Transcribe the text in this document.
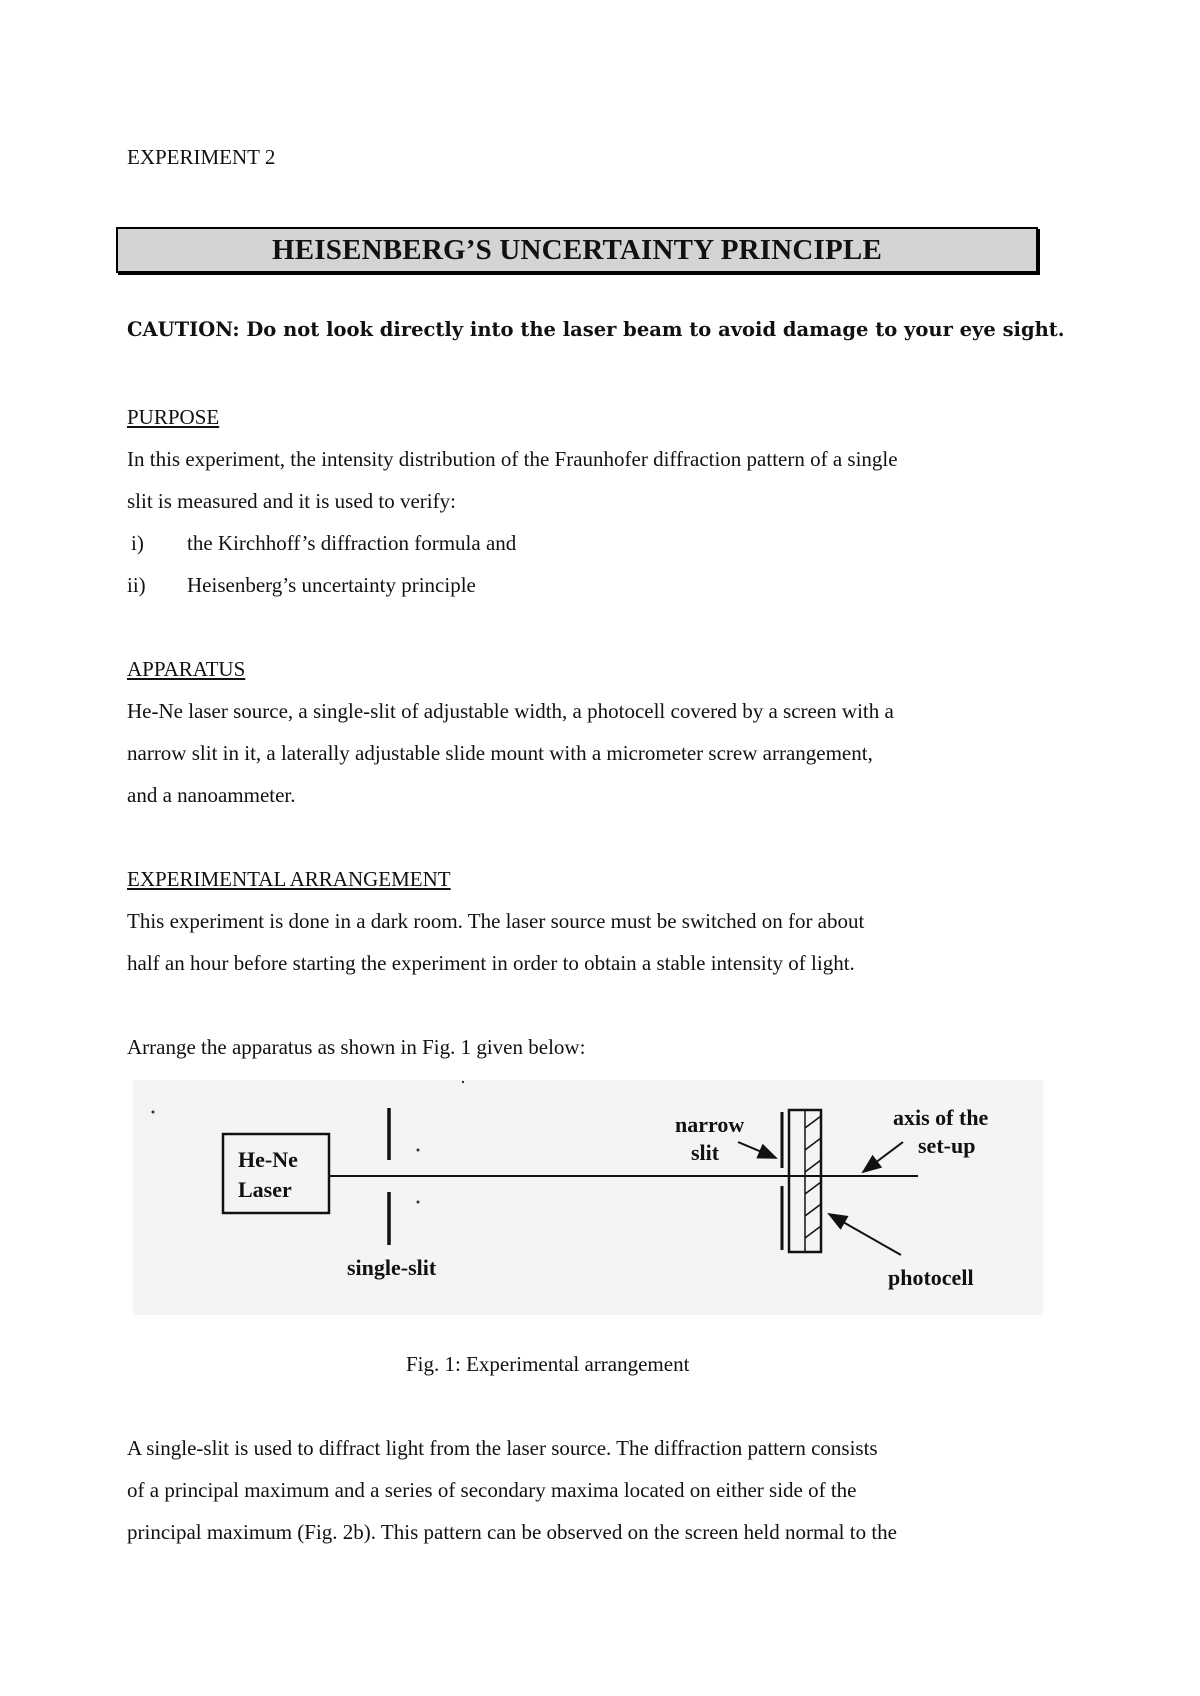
EXPERIMENT 2
HEISENBERG’S UNCERTAINTY PRINCIPLE
CAUTION: Do not look directly into the laser beam to avoid damage to your eye sight.
PURPOSE
In this experiment, the intensity distribution of the Fraunhofer diffraction pattern of a single
slit is measured and it is used to verify:
i) the Kirchhoff’s diffraction formula and
ii) Heisenberg’s uncertainty principle
APPARATUS
He-Ne laser source, a single-slit of adjustable width, a photocell covered by a screen with a
narrow slit in it, a laterally adjustable slide mount with a micrometer screw arrangement,
and a nanoammeter.
EXPERIMENTAL ARRANGEMENT
This experiment is done in a dark room. The laser source must be switched on for about
half an hour before starting the experiment in order to obtain a stable intensity of light.
Arrange the apparatus as shown in Fig. 1 given below:
He-Ne
Laser
single-slit
narrow
slit
axis of the
set-up
photocell
Fig. 1: Experimental arrangement
A single-slit is used to diffract light from the laser source. The diffraction pattern consists
of a principal maximum and a series of secondary maxima located on either side of the
principal maximum (Fig. 2b). This pattern can be observed on the screen held normal to the
